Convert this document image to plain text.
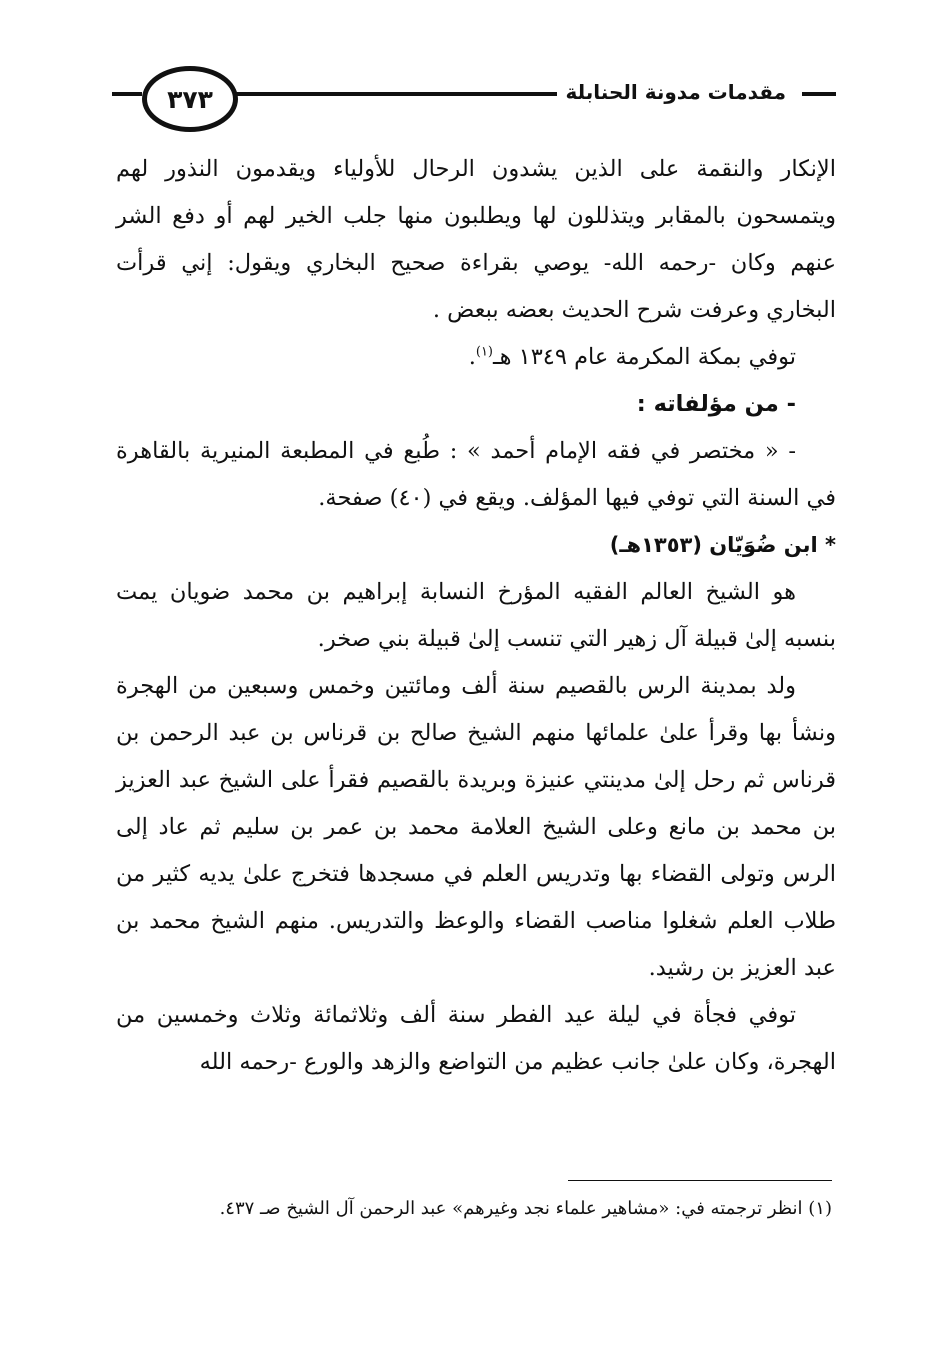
٣٧٣	مقدمات مدونة الحنابلة

الإنكار والنقمة على الذين يشدون الرحال للأولياء ويقدمون النذور لهم ويتمسحون بالمقابر ويتذللون لها ويطلبون منها جلب الخير لهم أو دفع الشر عنهم وكان -رحمه الله- يوصي بقراءة صحيح البخاري ويقول: إني قرأت البخاري وعرفت شرح الحديث بعضه ببعض .

توفي بمكة المكرمة عام ١٣٤٩ هـ$^{(١)}$.

- من مؤلفاته :

- « مختصر في فقه الإمام أحمد » : طُبع في المطبعة المنيرية بالقاهرة في السنة التي توفي فيها المؤلف. ويقع في (٤٠) صفحة.

* ابن ضُوَيّان (١٣٥٣هـ)

هو الشيخ العالم الفقيه المؤرخ النسابة إبراهيم بن محمد ضويان يمت بنسبه إلىٰ قبيلة آل زهير التي تنسب إلىٰ قبيلة بني صخر.

ولد بمدينة الرس بالقصيم سنة ألف ومائتين وخمس وسبعين من الهجرة ونشأ بها وقرأ علىٰ علمائها منهم الشيخ صالح بن قرناس بن عبد الرحمن بن قرناس ثم رحل إلىٰ مدينتي عنيزة وبريدة بالقصيم فقرأ على الشيخ عبد العزيز بن محمد بن مانع وعلى الشيخ العلامة محمد بن عمر بن سليم ثم عاد إلى الرس وتولى القضاء بها وتدريس العلم في مسجدها فتخرج علىٰ يديه كثير من طلاب العلم شغلوا مناصب القضاء والوعظ والتدريس. منهم الشيخ محمد بن عبد العزيز بن رشيد.

توفي فجأة في ليلة عيد الفطر سنة ألف وثلاثمائة وثلاث وخمسين من الهجرة، وكان علىٰ جانب عظيم من التواضع والزهد والورع -رحمه الله

(١) انظر ترجمته في: «مشاهير علماء نجد وغيرهم» عبد الرحمن آل الشيخ صـ ٤٣٧.
